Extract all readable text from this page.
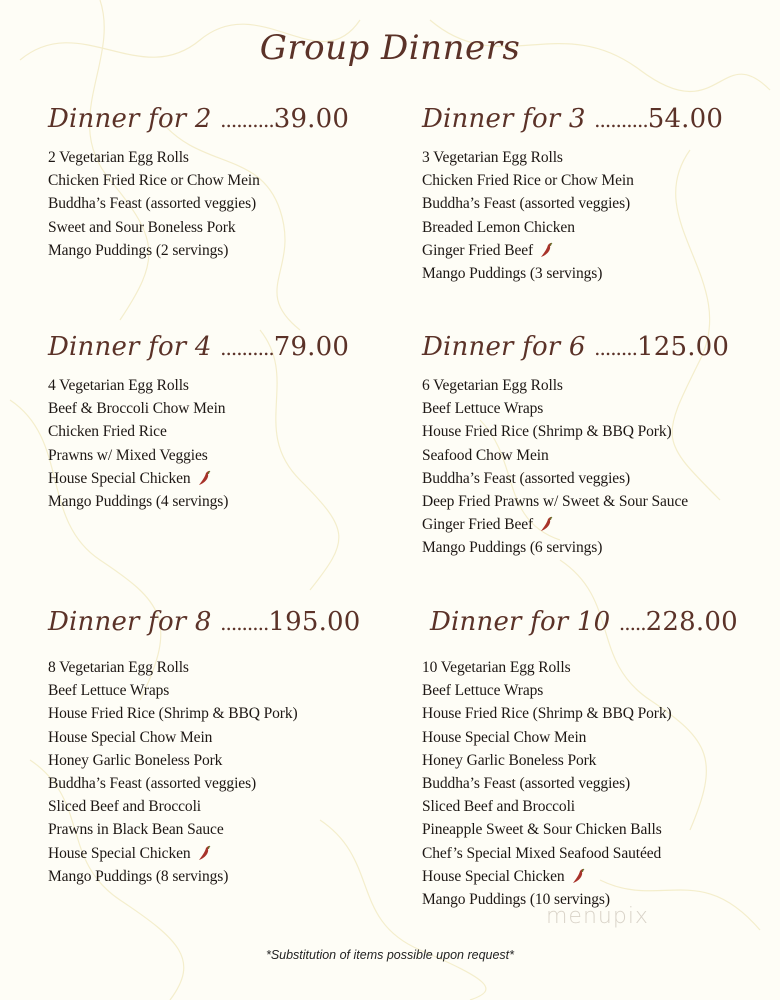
Group Dinners
Dinner for 2 ..........39.00
2 Vegetarian Egg Rolls
Chicken Fried Rice or Chow Mein
Buddha’s Feast (assorted veggies)
Sweet and Sour Boneless Pork
Mango Puddings (2 servings)
Dinner for 3 ..........54.00
3 Vegetarian Egg Rolls
Chicken Fried Rice or Chow Mein
Buddha’s Feast (assorted veggies)
Breaded Lemon Chicken
Ginger Fried Beef
Mango Puddings (3 servings)
Dinner for 4 ..........79.00
4 Vegetarian Egg Rolls
Beef & Broccoli Chow Mein
Chicken Fried Rice
Prawns w/ Mixed Veggies
House Special Chicken
Mango Puddings (4 servings)
Dinner for 6 ........125.00
6 Vegetarian Egg Rolls
Beef Lettuce Wraps
House Fried Rice (Shrimp & BBQ Pork)
Seafood Chow Mein
Buddha’s Feast (assorted veggies)
Deep Fried Prawns w/ Sweet & Sour Sauce
Ginger Fried Beef
Mango Puddings (6 servings)
Dinner for 8 .........195.00
8 Vegetarian Egg Rolls
Beef Lettuce Wraps
House Fried Rice (Shrimp & BBQ Pork)
House Special Chow Mein
Honey Garlic Boneless Pork
Buddha’s Feast (assorted veggies)
Sliced Beef and Broccoli
Prawns in Black Bean Sauce
House Special Chicken
Mango Puddings (8 servings)
Dinner for 10 .....228.00
10 Vegetarian Egg Rolls
Beef Lettuce Wraps
House Fried Rice (Shrimp & BBQ Pork)
House Special Chow Mein
Honey Garlic Boneless Pork
Buddha’s Feast (assorted veggies)
Sliced Beef and Broccoli
Pineapple Sweet & Sour Chicken Balls
Chef’s Special Mixed Seafood Sautéed
House Special Chicken
Mango Puddings (10 servings)
*Substitution of items possible upon request*
menupix
